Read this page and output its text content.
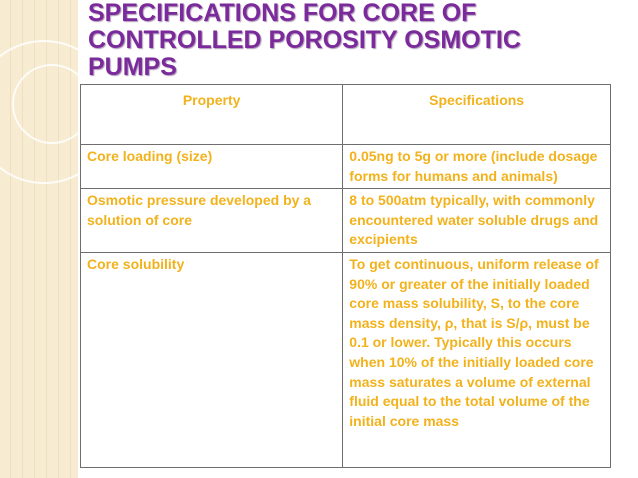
SPECIFICATIONS FOR CORE OF
CONTROLLED POROSITY OSMOTIC
PUMPS
Property	Specifications
Core loading (size)	0.05ng to 5g or more (include dosage forms for humans and animals)
Osmotic pressure developed by a solution of core	8 to 500atm typically, with commonly encountered water soluble drugs and excipients
Core solubility	To get continuous, uniform release of 90% or greater of the initially loaded core mass solubility, S, to the core mass density, ρ, that is S/ρ, must be 0.1 or lower. Typically this occurs when 10% of the initially loaded core mass saturates a volume of external fluid equal to the total volume of the initial core mass
